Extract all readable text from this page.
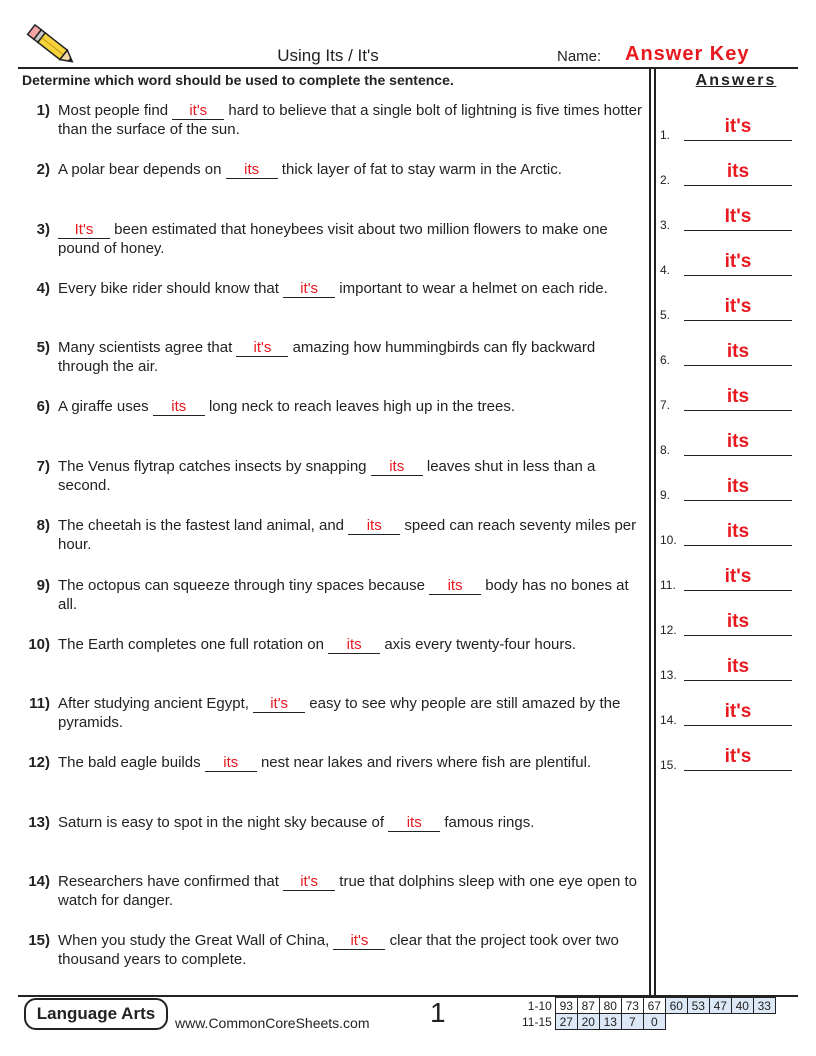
Using Its / It's	Name: Answer Key
Determine which word should be used to complete the sentence.	Answers
1) Most people find it's hard to believe that a single bolt of lightning is five times hotter than the surface of the sun.
2) A polar bear depends on its thick layer of fat to stay warm in the Arctic.
3)	It's been estimated that honeybees visit about two million flowers to make one pound of honey.
4) Every bike rider should know that it's important to wear a helmet on each ride.
5) Many scientists agree that it's amazing how hummingbirds can fly backward through the air.
6) A giraffe uses its long neck to reach leaves high up in the trees.
7) The Venus flytrap catches insects by snapping its leaves shut in less than a second.
8) The cheetah is the fastest land animal, and its speed can reach seventy miles per hour.
9) The octopus can squeeze through tiny spaces because its body has no bones at all.
10) The Earth completes one full rotation on its axis every twenty-four hours.
11) After studying ancient Egypt, it's easy to see why people are still amazed by the pyramids.
12) The bald eagle builds its nest near lakes and rivers where fish are plentiful.
13) Saturn is easy to spot in the night sky because of its famous rings.
14) Researchers have confirmed that it's true that dolphins sleep with one eye open to watch for danger.
15) When you study the Great Wall of China, it's clear that the project took over two thousand years to complete.
1.	it's
2.	its
3.	It's
4.	it's
5.	it's
6.	its
7.	its
8.	its
9.	its
10.	its
11.	it's
12.	its
13.	its
14.	it's
15.	it's
Language Arts	www.CommonCoreSheets.com 1	1-10	93	87	80	73	67	60	53	47	40	33
11-15	27	20	13	7	0					
